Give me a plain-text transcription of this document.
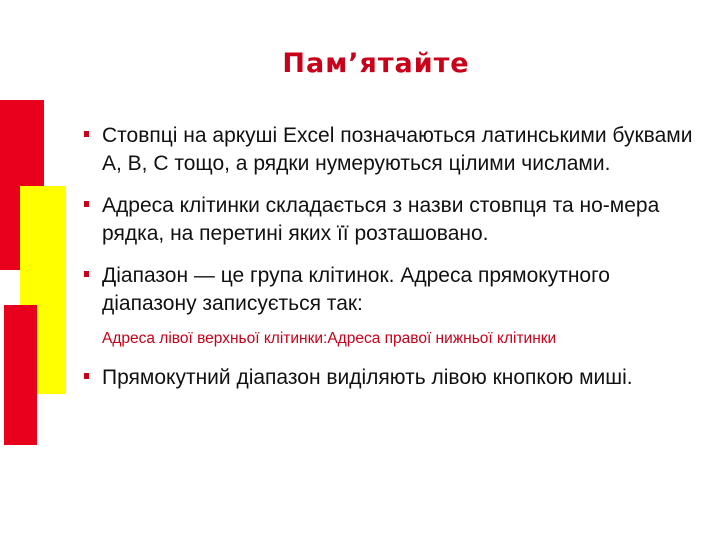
Пам’ятайте
Стовпці на аркуші Excel позначаються латинськими буквами A, B, C тощо, а рядки нумеруються цілими числами.
Адреса клітинки складається з назви стовпця та но-мера рядка, на перетині яких її розташовано.
Діапазон — це група клітинок. Адреса прямокутного діапазону записується так:
Адреса лівої верхньої клітинки:Адреса правої нижньої клітинки
Прямокутний діапазон виділяють лівою кнопкою миші.
